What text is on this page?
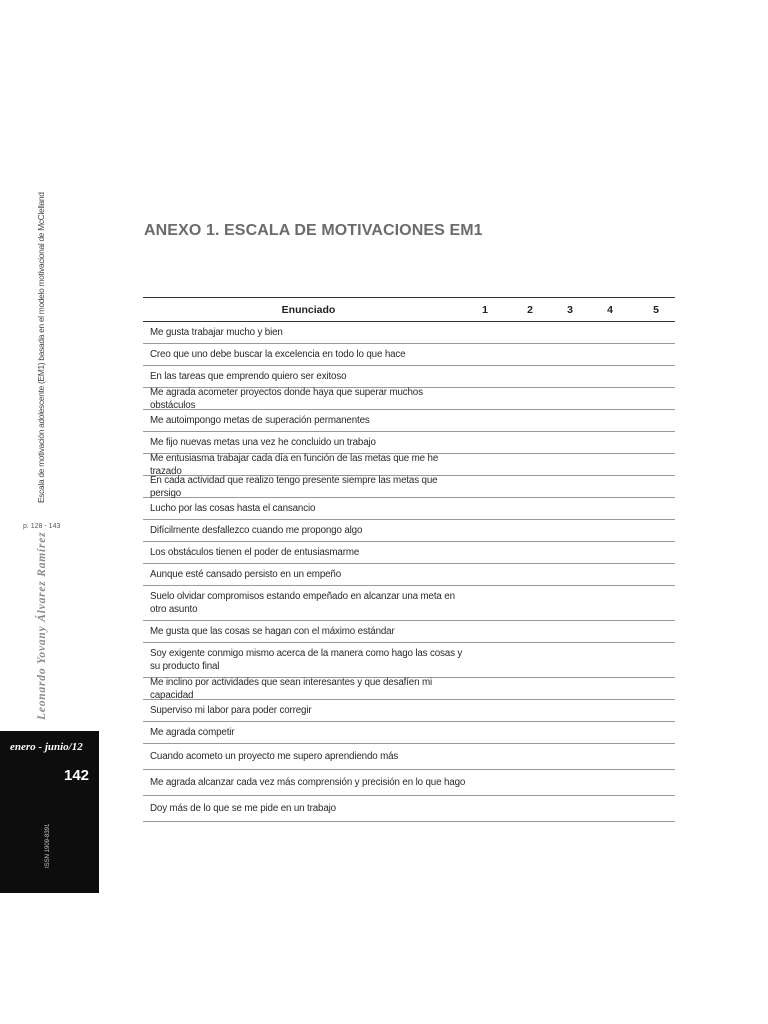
Escala de motivación adolescente (EM1) basada en el modelo motivacional de McClelland
p. 128 - 143
Leonardo Yovany Álvarez Ramírez
enero - junio/12
142
tesisPsicológica7
ISSN 1909-8391
ANEXO 1. ESCALA DE MOTIVACIONES EM1
Enunciado	1	2	3	4	5
Me gusta trabajar mucho y bien
Creo que uno debe buscar la excelencia en todo lo que hace
En las tareas que emprendo quiero ser exitoso
Me agrada acometer proyectos donde haya que superar muchos obstáculos
Me autoimpongo metas de superación permanentes
Me fijo nuevas metas una vez he concluido un trabajo
Me entusiasma trabajar cada día en función de las metas que me he trazado
En cada actividad que realizo tengo presente siempre las metas que persigo
Lucho por las cosas hasta el cansancio
Difícilmente desfallezco cuando me propongo algo
Los obstáculos tienen el poder de entusiasmarme
Aunque esté cansado persisto en un empeño
Suelo olvidar compromisos estando empeñado en alcanzar una meta en otro asunto
Me gusta que las cosas se hagan con el máximo estándar
Soy exigente conmigo mismo acerca de la manera como hago las cosas y su producto final
Me inclino por actividades que sean interesantes y que desafíen mi capacidad
Superviso mi labor para poder corregir
Me agrada competir
Cuando acometo un proyecto me supero aprendiendo más
Me agrada alcanzar cada vez más comprensión y precisión en lo que hago
Doy más de lo que se me pide en un trabajo
